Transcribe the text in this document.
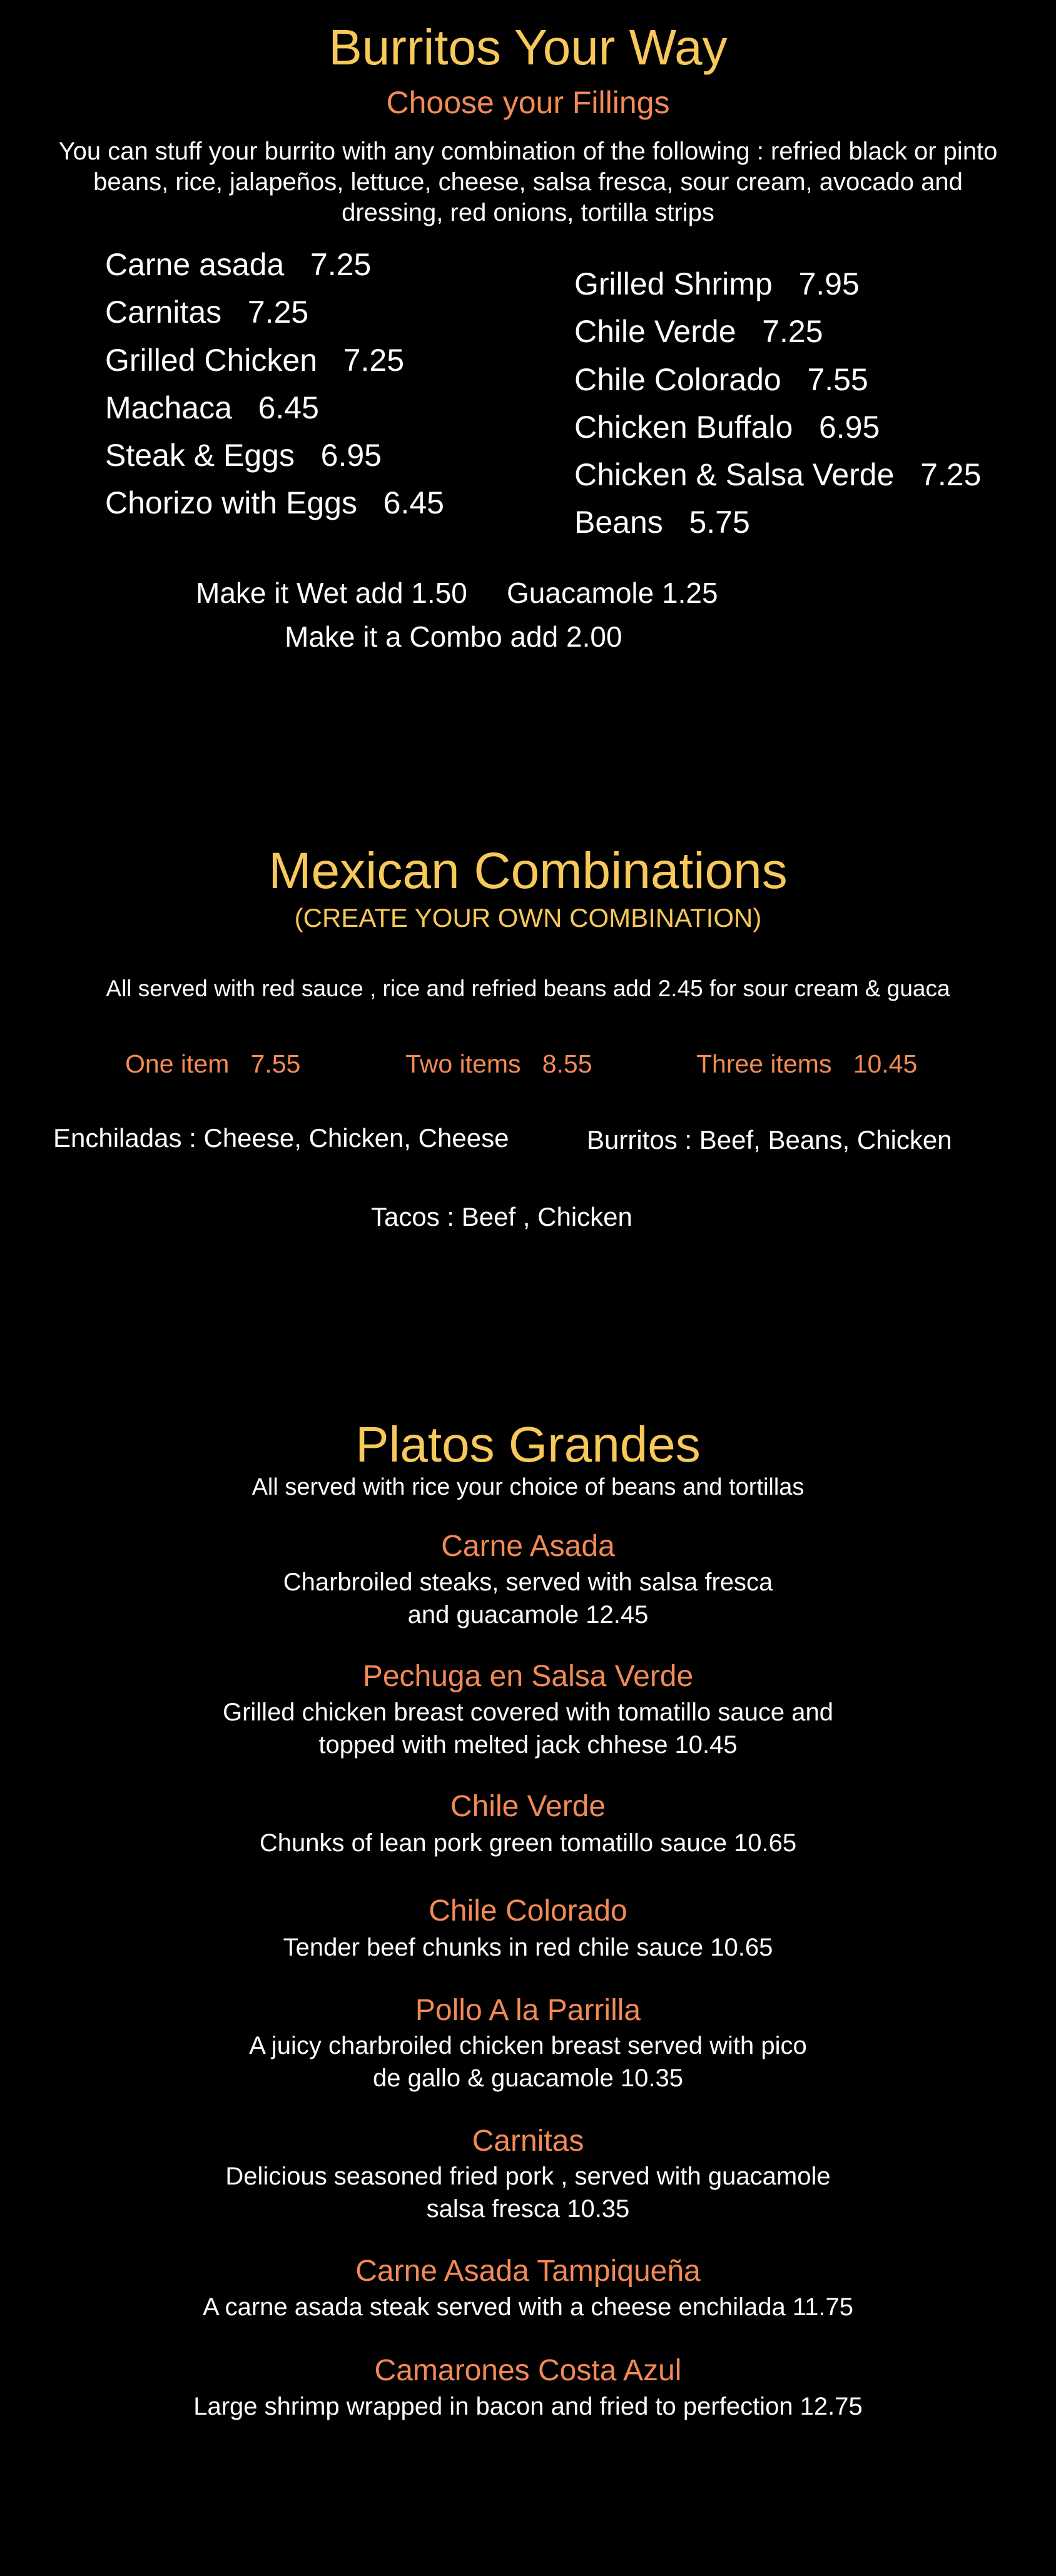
Burritos Your Way
Choose your Fillings
You can stuff your burrito with any combination of the following : refried black or pinto beans, rice, jalapeños, lettuce, cheese, salsa fresca, sour cream, avocado and dressing, red onions, tortilla strips
Carne asada 7.25
Carnitas 7.25
Grilled Chicken 7.25
Machaca 6.45
Steak & Eggs 6.95
Chorizo with Eggs 6.45
Grilled Shrimp 7.95
Chile Verde 7.25
Chile Colorado 7.55
Chicken Buffalo 6.95
Chicken & Salsa Verde 7.25
Beans 5.75
Make it Wet add 1.50 Guacamole 1.25
Make it a Combo add 2.00
Mexican Combinations
(CREATE YOUR OWN COMBINATION)
All served with red sauce , rice and refried beans add 2.45 for sour cream & guaca
One item 7.55	Two items 8.55	Three items 10.45
Enchiladas : Cheese, Chicken, Cheese	Burritos : Beef, Beans, Chicken
Tacos : Beef , Chicken
Platos Grandes
All served with rice your choice of beans and tortillas
Carne Asada
Charbroiled steaks, served with salsa fresca
and guacamole 12.45
Pechuga en Salsa Verde
Grilled chicken breast covered with tomatillo sauce and
topped with melted jack chhese 10.45
Chile Verde
Chunks of lean pork green tomatillo sauce 10.65
Chile Colorado
Tender beef chunks in red chile sauce 10.65
Pollo A la Parrilla
A juicy charbroiled chicken breast served with pico
de gallo & guacamole 10.35
Carnitas
Delicious seasoned fried pork , served with guacamole
salsa fresca 10.35
Carne Asada Tampiqueña
A carne asada steak served with a cheese enchilada 11.75
Camarones Costa Azul
Large shrimp wrapped in bacon and fried to perfection 12.75
